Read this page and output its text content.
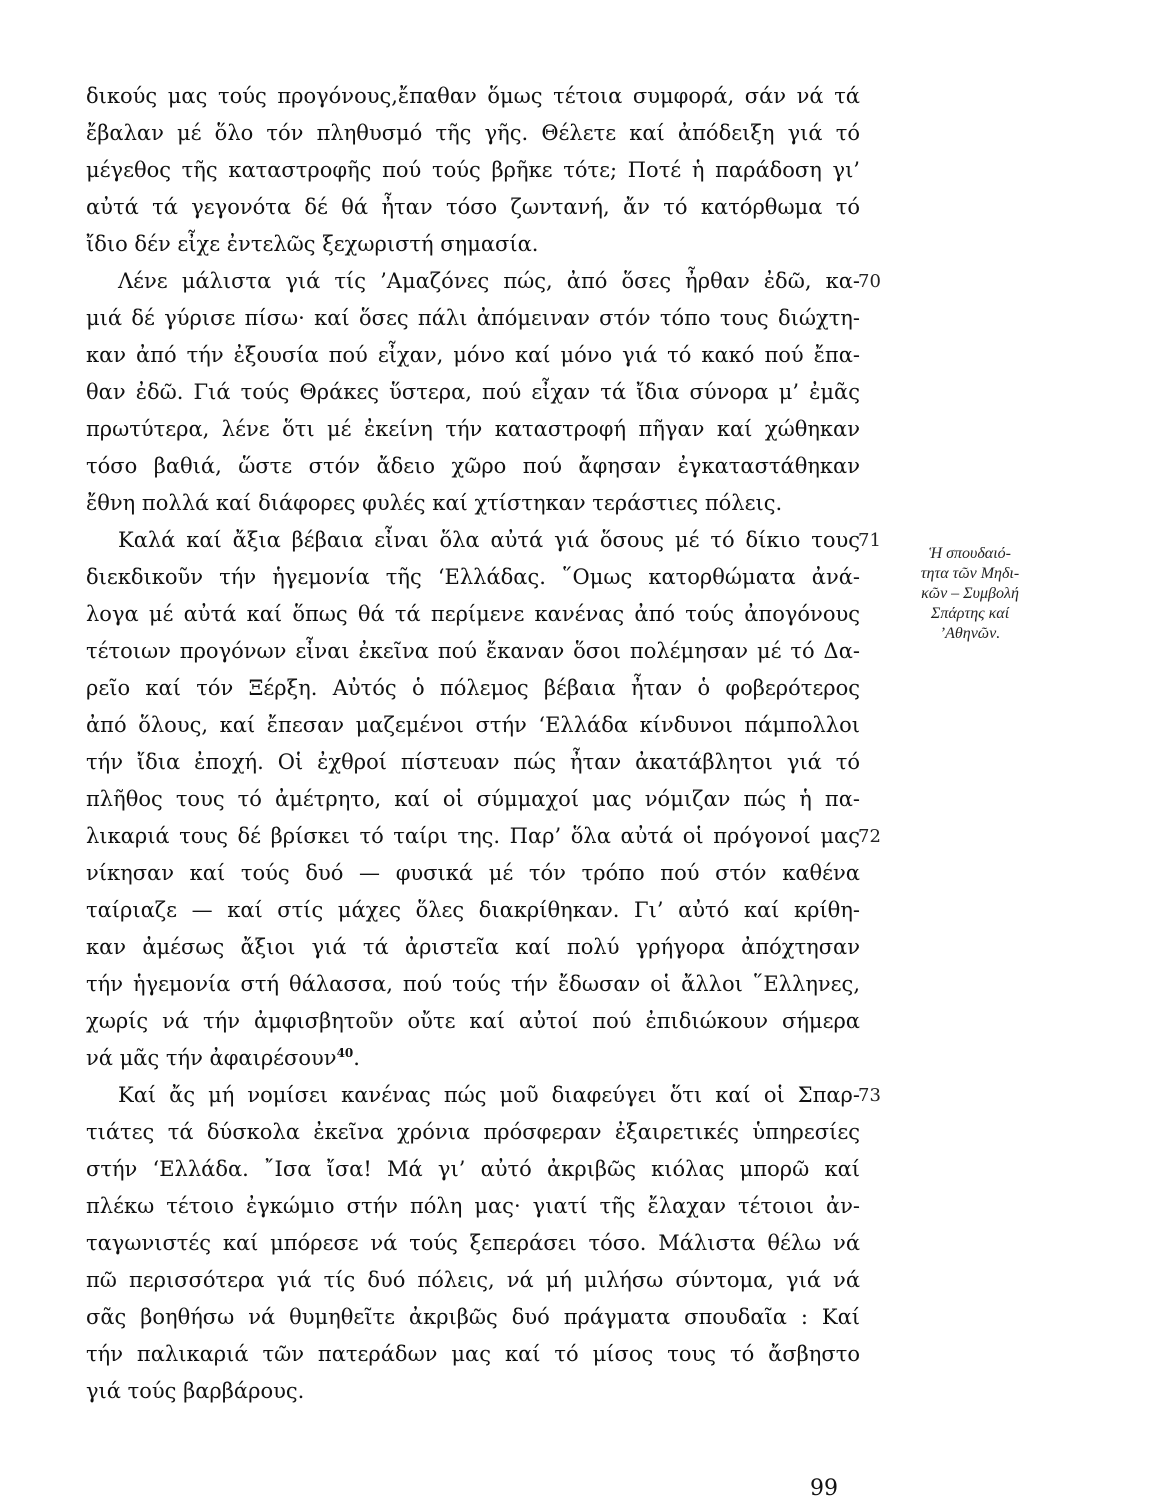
δικούς μας τούς προγόνους,ἔπαθαν ὅμως τέτοια συμφορά, σάν νά τά
ἔβαλαν μέ ὅλο τόν πληθυσμό τῆς γῆς. Θέλετε καί ἀπόδειξη γιά τό
μέγεθος τῆς καταστροφῆς πού τούς βρῆκε τότε; Ποτέ ἡ παράδοση γι’
αὐτά τά γεγονότα δέ θά ἦταν τόσο ζωντανή, ἄν τό κατόρθωμα τό
ἴδιο δέν εἶχε ἐντελῶς ξεχωριστή σημασία.
Λένε μάλιστα γιά τίς ’Αμαζόνες πώς, ἀπό ὅσες ἦρθαν ἐδῶ, κα-
μιά δέ γύρισε πίσω· καί ὅσες πάλι ἀπόμειναν στόν τόπο τους διώχτη-
καν ἀπό τήν ἐξουσία πού εἶχαν, μόνο καί μόνο γιά τό κακό πού ἔπα-
θαν ἐδῶ. Γιά τούς Θράκες ὕστερα, πού εἶχαν τά ἴδια σύνορα μ’ ἐμᾶς
πρωτύτερα, λένε ὅτι μέ ἐκείνη τήν καταστροφή πῆγαν καί χώθηκαν
τόσο βαθιά, ὥστε στόν ἄδειο χῶρο πού ἄφησαν ἐγκαταστάθηκαν
ἔθνη πολλά καί διάφορες φυλές καί χτίστηκαν τεράστιες πόλεις.
Καλά καί ἄξια βέβαια εἶναι ὅλα αὐτά γιά ὅσους μέ τό δίκιο τους
διεκδικοῦν τήν ἡγεμονία τῆς ‘Ελλάδας. ῞Ομως κατορθώματα ἀνά-
λογα μέ αὐτά καί ὅπως θά τά περίμενε κανένας ἀπό τούς ἀπογόνους
τέτοιων προγόνων εἶναι ἐκεῖνα πού ἔκαναν ὅσοι πολέμησαν μέ τό Δα-
ρεῖο καί τόν Ξέρξη. Αὐτός ὁ πόλεμος βέβαια ἦταν ὁ φοβερότερος
ἀπό ὅλους, καί ἔπεσαν μαζεμένοι στήν ‘Ελλάδα κίνδυνοι πάμπολλοι
τήν ἴδια ἐποχή. Οἱ ἐχθροί πίστευαν πώς ἦταν ἀκατάβλητοι γιά τό
πλῆθος τους τό ἀμέτρητο, καί οἱ σύμμαχοί μας νόμιζαν πώς ἡ πα-
λικαριά τους δέ βρίσκει τό ταίρι της. Παρ’ ὅλα αὐτά οἱ πρόγονοί μας
νίκησαν καί τούς δυό — φυσικά μέ τόν τρόπο πού στόν καθένα
ταίριαζε — καί στίς μάχες ὅλες διακρίθηκαν. Γι’ αὐτό καί κρίθη-
καν ἀμέσως ἄξιοι γιά τά ἀριστεῖα καί πολύ γρήγορα ἀπόχτησαν
τήν ἡγεμονία στή θάλασσα, πού τούς τήν ἔδωσαν οἱ ἄλλοι ῞Ελληνες,
χωρίς νά τήν ἀμφισβητοῦν οὔτε καί αὐτοί πού ἐπιδιώκουν σήμερα
νά μᾶς τήν ἀφαιρέσουν$^{40}$.
Καί ἄς μή νομίσει κανένας πώς μοῦ διαφεύγει ὅτι καί οἱ Σπαρ-
τιάτες τά δύσκολα ἐκεῖνα χρόνια πρόσφεραν ἐξαιρετικές ὑπηρεσίες
στήν ‘Ελλάδα. ῎Ισα ἴσα! Μά γι’ αὐτό ἀκριβῶς κιόλας μπορῶ καί
πλέκω τέτοιο ἐγκώμιο στήν πόλη μας· γιατί τῆς ἔλαχαν τέτοιοι ἀν-
ταγωνιστές καί μπόρεσε νά τούς ξεπεράσει τόσο. Μάλιστα θέλω νά
πῶ περισσότερα γιά τίς δυό πόλεις, νά μή μιλήσω σύντομα, γιά νά
σᾶς βοηθήσω νά θυμηθεῖτε ἀκριβῶς δυό πράγματα σπουδαῖα : Καί
τήν παλικαριά τῶν πατεράδων μας καί τό μίσος τους τό ἄσβηστο
γιά τούς βαρβάρους.
70
71
72
73
Ἡ σπουδαιό-
τητα τῶν Μηδι-
κῶν – Συμβολή
Σπάρτης καί
’Αθηνῶν.
99
